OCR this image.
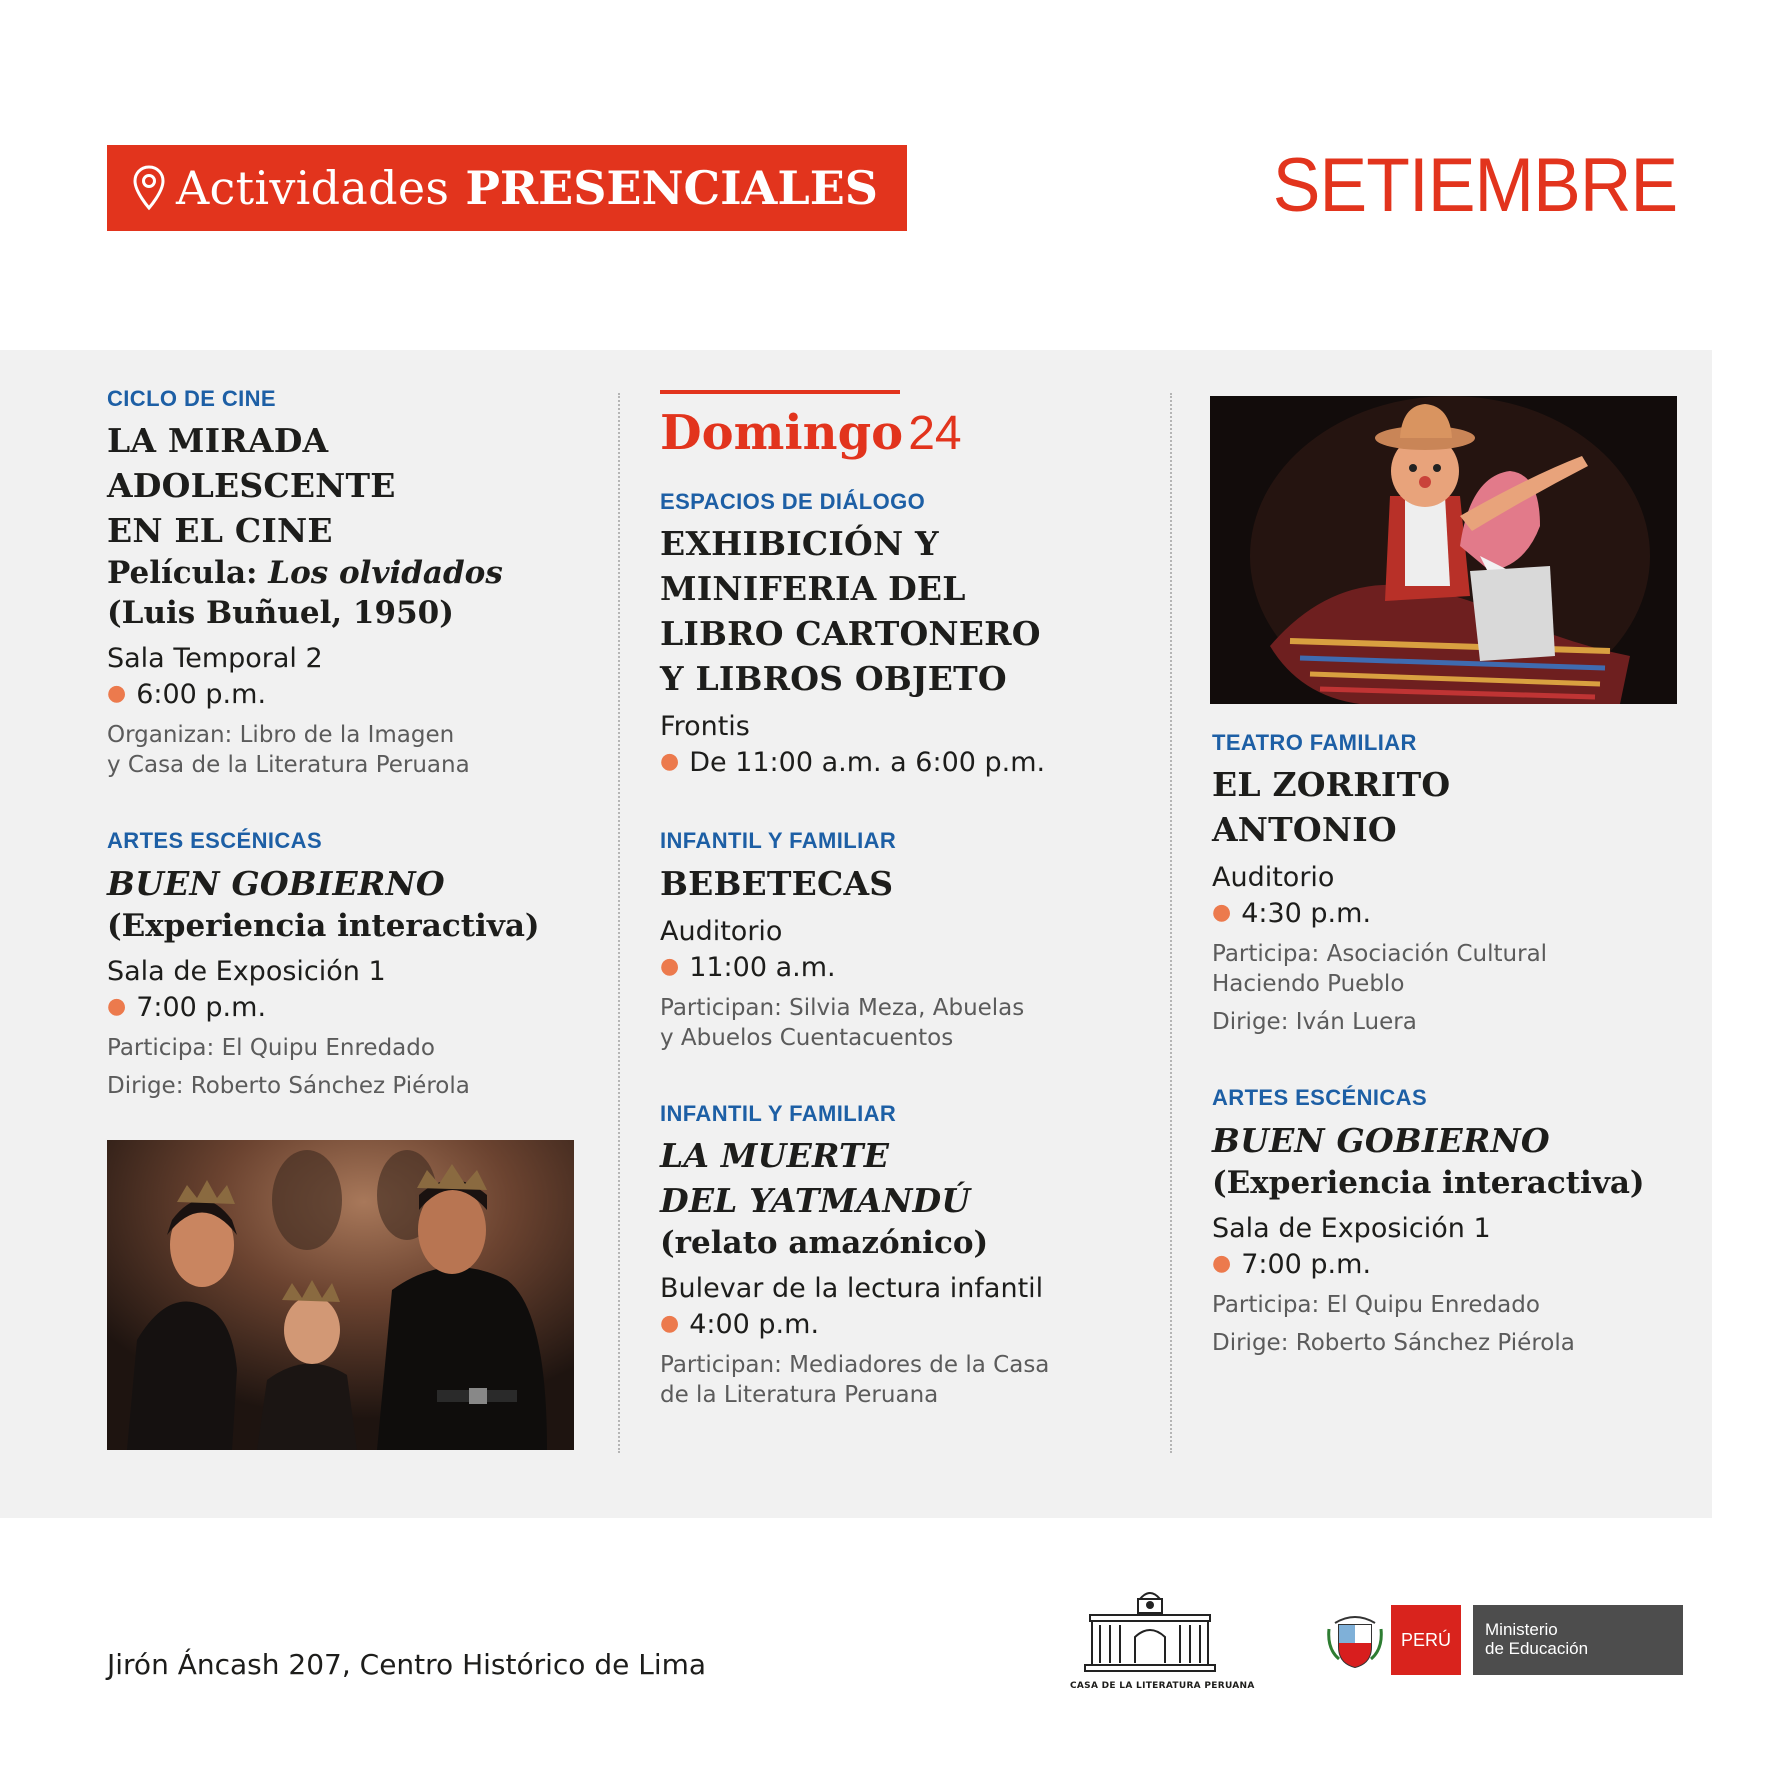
Actividades PRESENCIALES	SETIEMBRE

CICLO DE CINE

LA MIRADA

ADOLESCENTE

EN EL CINE

Película: Los olvidados

(Luis Buñuel, 1950)

Sala Temporal 2
● 6:00 p.m.
Organizan: Libro de la Imagen
y Casa de la Literatura Peruana

ARTES ESCÉNICAS

BUEN GOBIERNO

(Experiencia interactiva)

Sala de Exposición 1
● 7:00 p.m.
Participa: El Quipu Enredado
Dirige: Roberto Sánchez Piérola
Domingo 24

ESPACIOS DE DIÁLOGO

EXHIBICIÓN Y

MINIFERIA DEL

LIBRO CARTONERO

Y LIBROS OBJETO

Frontis
● De 11:00 a.m. a 6:00 p.m.

INFANTIL Y FAMILIAR

BEBETECAS

Auditorio
● 11:00 a.m.
Participan: Silvia Meza, Abuelas
y Abuelos Cuentacuentos

INFANTIL Y FAMILIAR

LA MUERTE

DEL YATMANDÚ

(relato amazónico)

Bulevar de la lectura infantil
● 4:00 p.m.
Participan: Mediadores de la Casa
de la Literatura Peruana

TEATRO FAMILIAR

EL ZORRITO

ANTONIO

Auditorio
● 4:30 p.m.
Participa: Asociación Cultural
Haciendo Pueblo
Dirige: Iván Luera

ARTES ESCÉNICAS

BUEN GOBIERNO

(Experiencia interactiva)

Sala de Exposición 1
● 7:00 p.m.
Participa: El Quipu Enredado
Dirige: Roberto Sánchez Piérola
Jirón Áncash 207, Centro Histórico de Lima
CASA DE LA LITERATURA PERUANA
PERÚ	Ministerio
de Educación
